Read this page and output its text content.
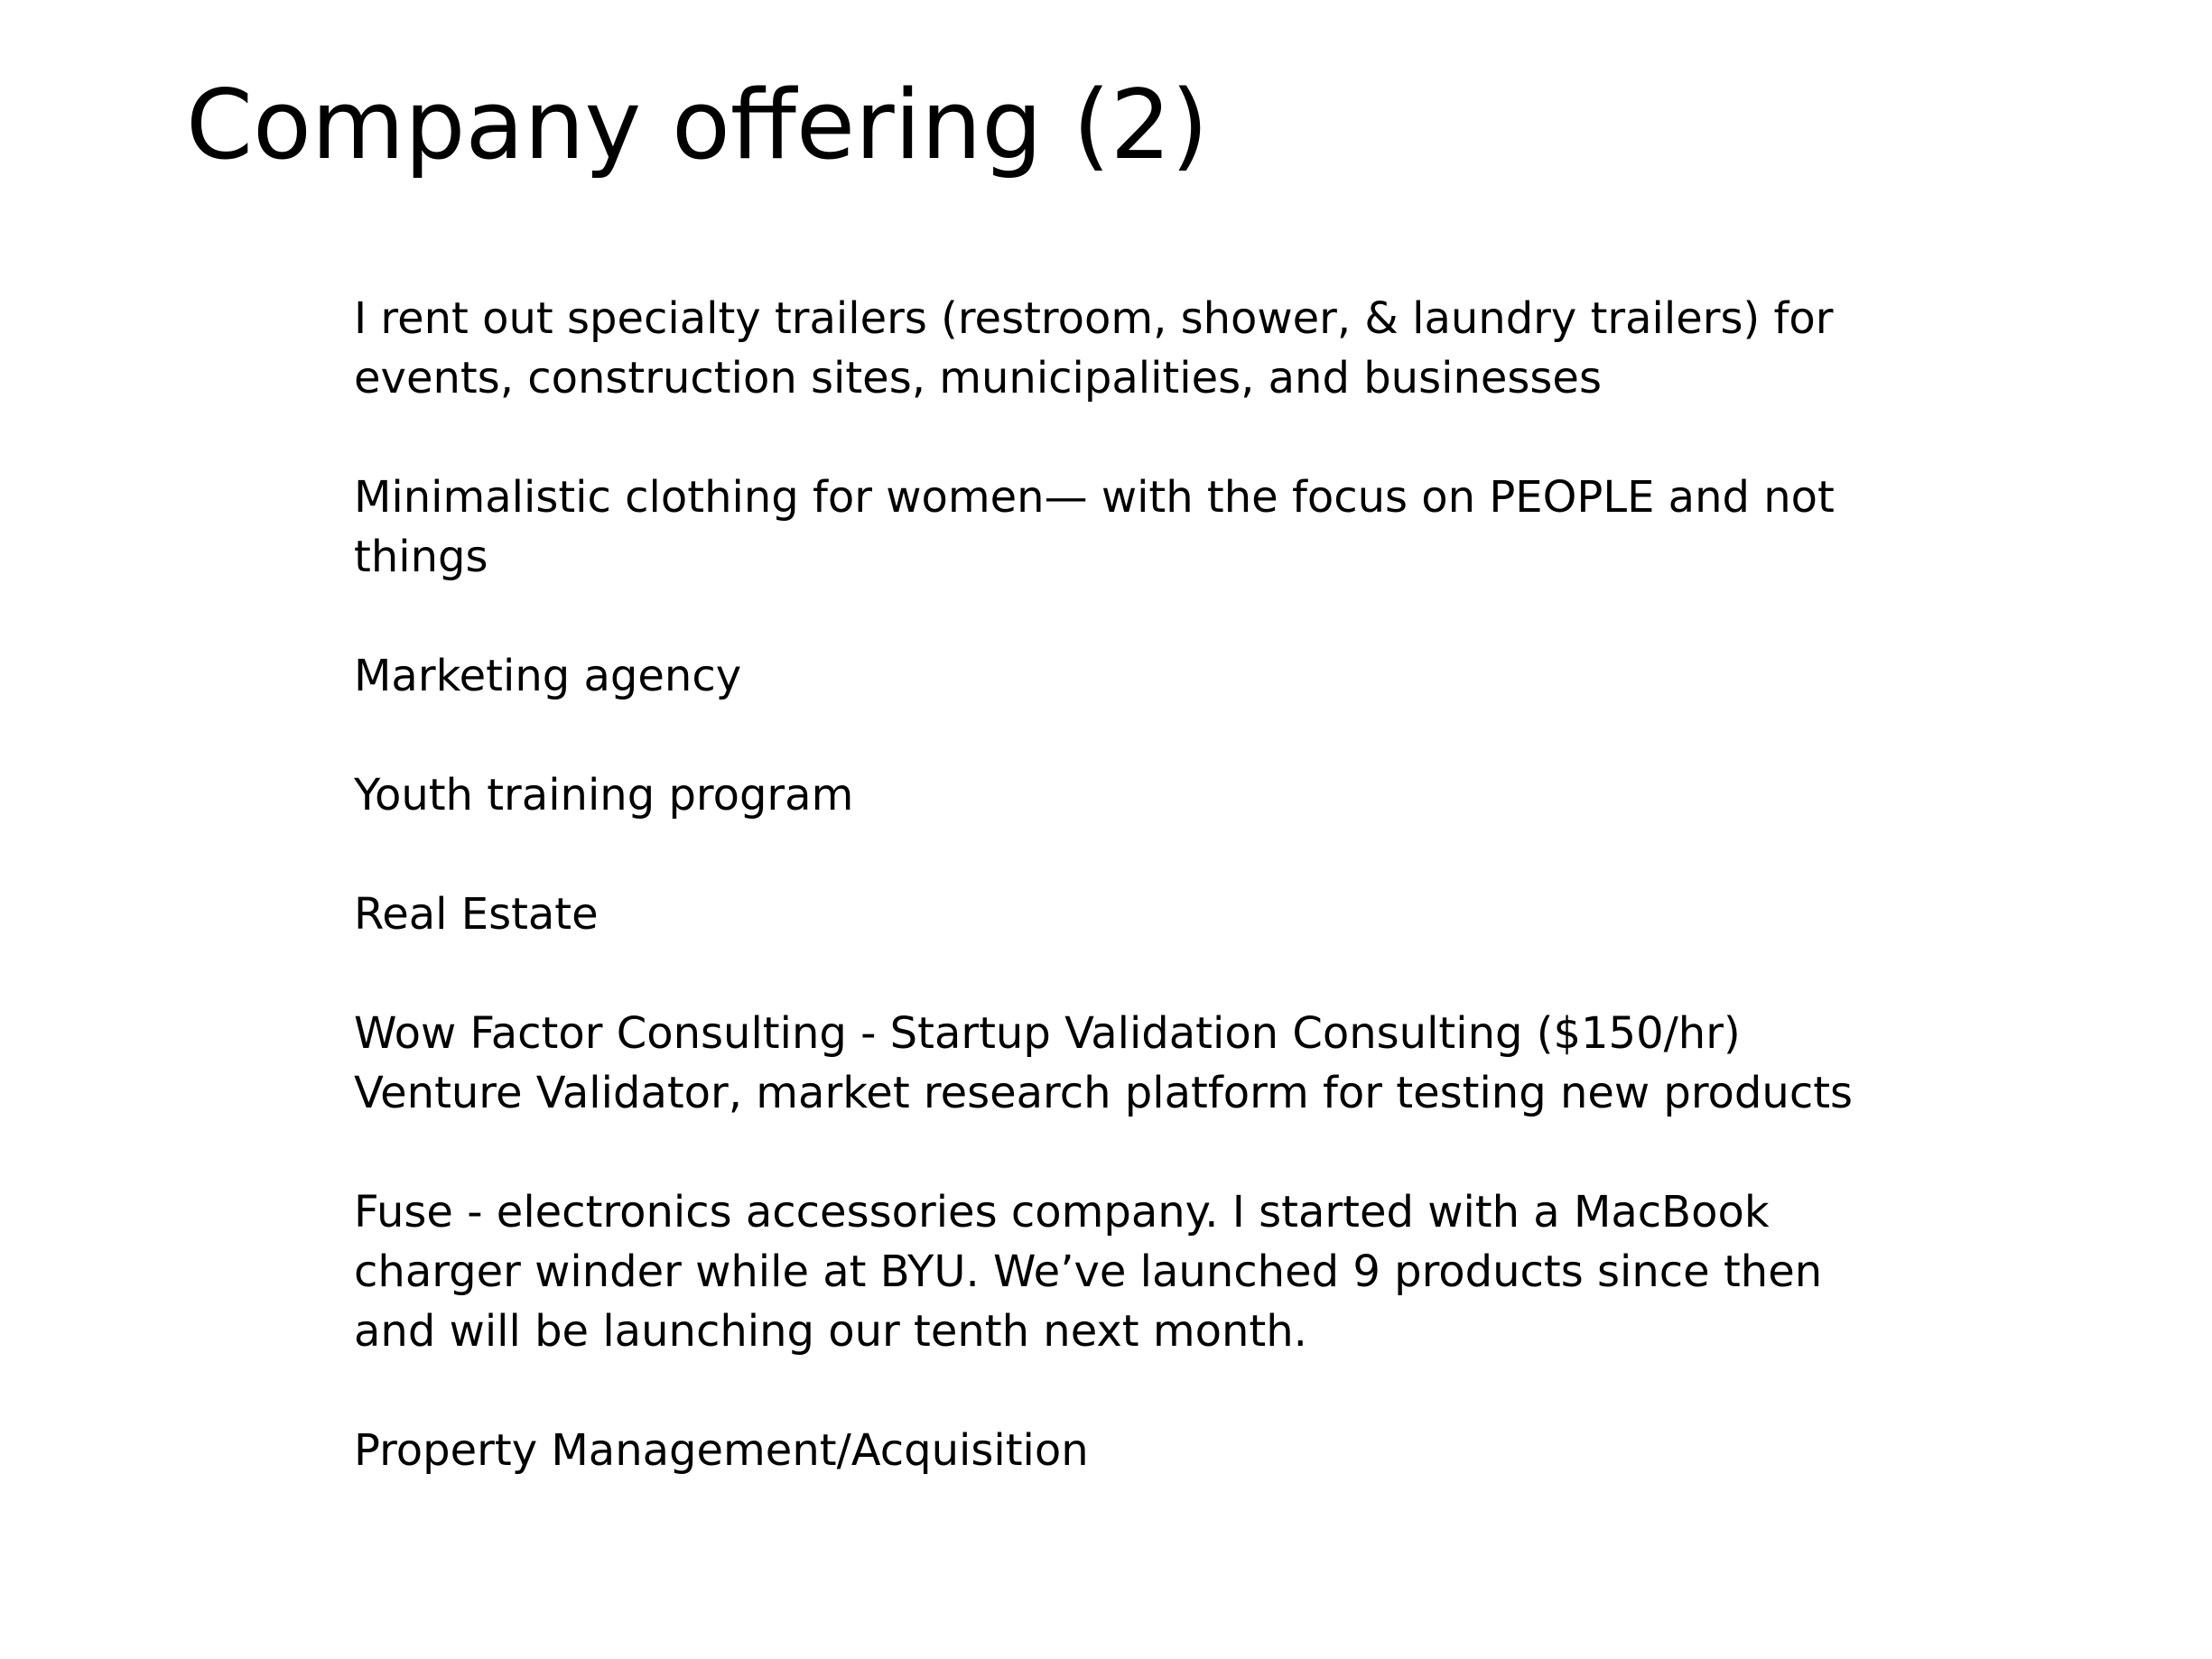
Company offering (2)

I rent out specialty trailers (restroom, shower, & laundry trailers) for
events, construction sites, municipalities, and businesses

Minimalistic clothing for women— with the focus on PEOPLE and not
things

Marketing agency

Youth training program

Real Estate

Wow Factor Consulting - Startup Validation Consulting ($150/hr)
Venture Validator, market research platform for testing new products

Fuse - electronics accessories company. I started with a MacBook
charger winder while at BYU. We’ve launched 9 products since then
and will be launching our tenth next month.

Property Management/Acquisition
